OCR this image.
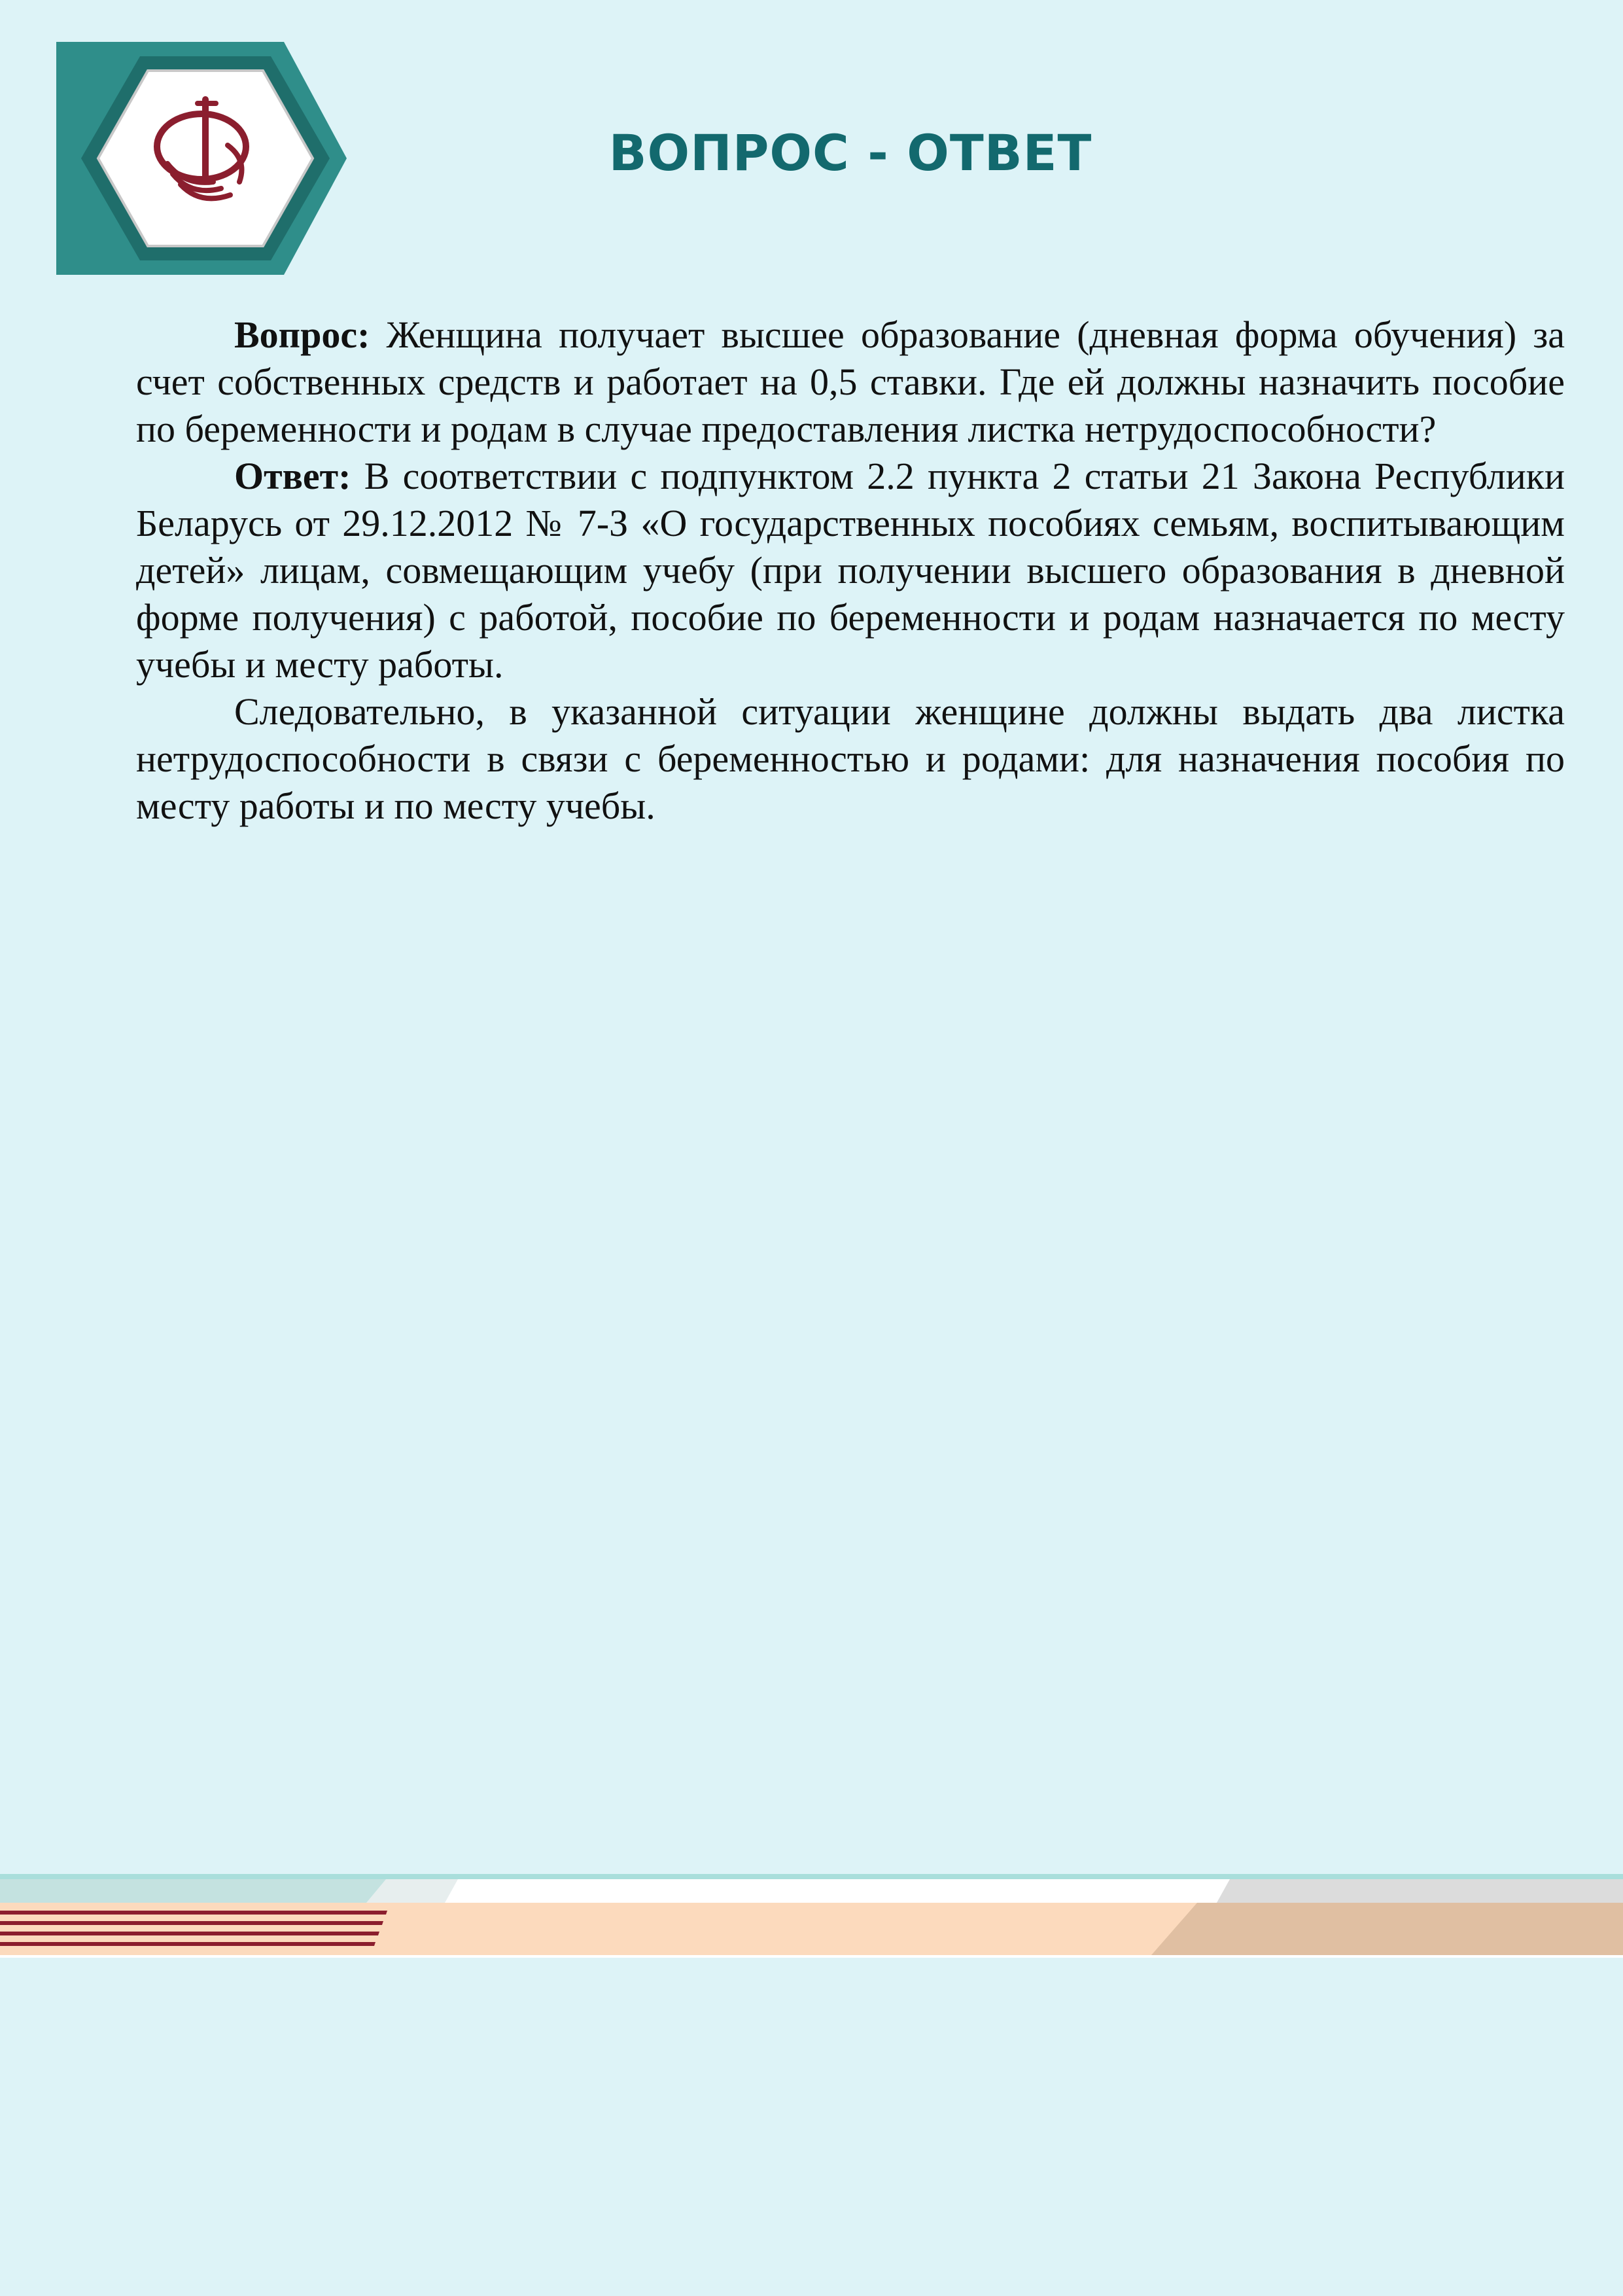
ВОПРОС - ОТВЕТ

Вопрос: Женщина получает высшее образование (дневная форма обучения) за счет собственных средств и работает на 0,5 ставки. Где ей должны назначить пособие по беременности и родам в случае предоставления листка нетрудоспособности?

Ответ: В соответствии с подпунктом 2.2 пункта 2 статьи 21 Закона Республики Беларусь от 29.12.2012 № 7-З «О государственных пособиях семьям, воспитывающим детей» лицам, совмещающим учебу (при получении высшего образования в дневной форме получения) с работой, пособие по беременности и родам назначается по месту учебы и месту работы.

Следовательно, в указанной ситуации женщине должны выдать два листка нетрудоспособности в связи с беременностью и родами: для назначения пособия по месту работы и по месту учебы.
